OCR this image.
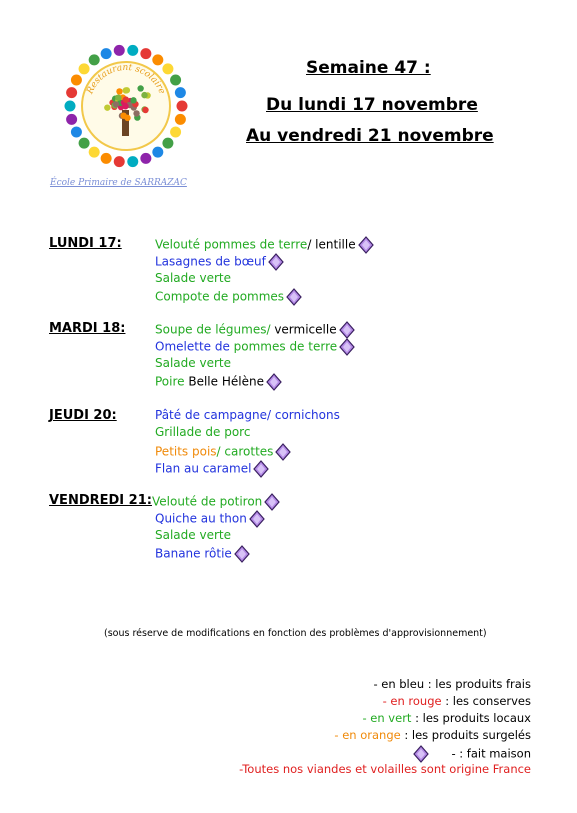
Restaurant scolaire
École Primaire de SARRAZAC
Semaine 47 :
Du lundi 17 novembre
Au vendredi 21 novembre
LUNDI 17:	Velouté pommes de terre/ lentille
Lasagnes de bœuf
Salade verte
Compote de pommes
MARDI 18: Soupe de légumes/ vermicelle
Omelette de pommes de terre
Salade verte
Poire Belle Hélène
JEUDI 20:	Pâté de campagne/ cornichons
Grillade de porc
Petits pois/ carottes
Flan au caramel
VENDREDI 21: Velouté de potiron
Quiche au thon
Salade verte
Banane rôtie
(sous réserve de modifications en fonction des problèmes d'approvisionnement)
- en bleu : les produits frais
- en rouge : les conserves
- en vert : les produits locaux
- en orange : les produits surgelés
- : fait maison
-Toutes nos viandes et volailles sont origine France
